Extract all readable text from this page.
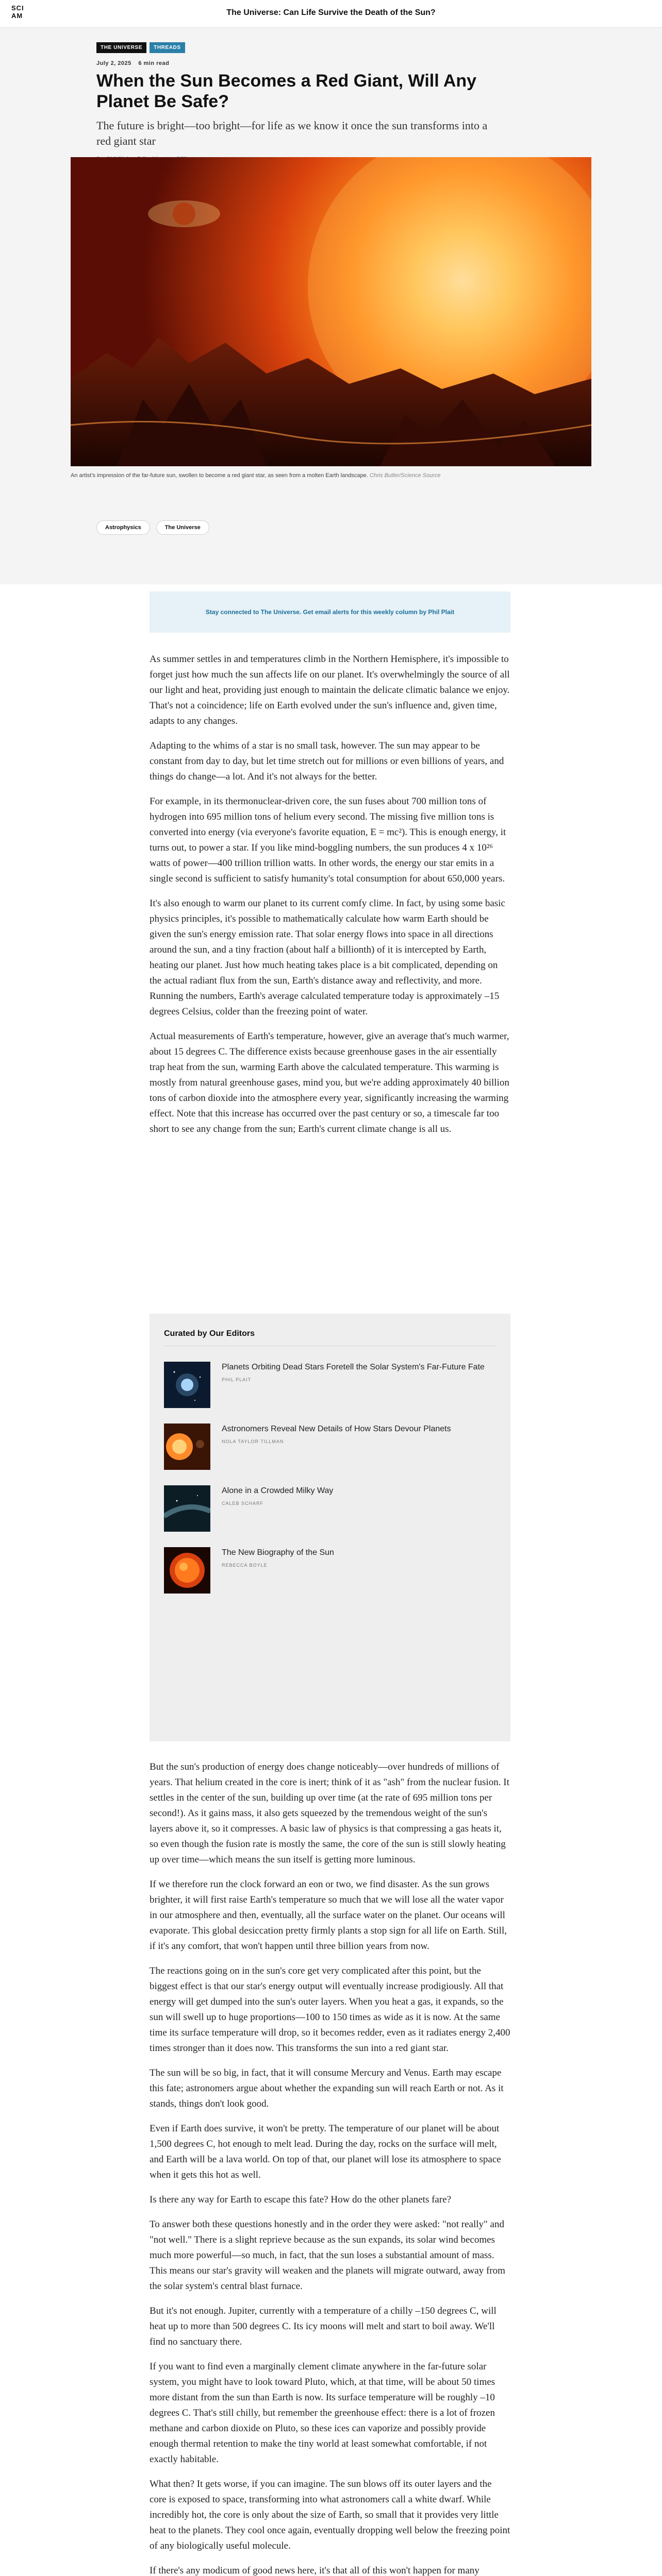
SCI
AM	The Universe: Can Life Survive the Death of the Sun?
THE UNIVERSE	THREADS
July 2, 2025 6 min read
When the Sun Becomes a Red Giant, Will Any Planet Be Safe?

The future is bright—too bright—for life as we know it once the sun transforms into a red giant star

An artist's impression of the far-future sun, swollen to become a red giant star, as seen from a molten Earth landscape. Chris Butler/Science Source
Astrophysics	The Universe

Stay connected to The Universe. Get email alerts for this weekly column by Phil Plait

As summer settles in and temperatures climb in the Northern Hemisphere, it's impossible to forget just how much the sun affects life on our planet. It's overwhelmingly the source of all our light and heat, providing just enough to maintain the delicate climatic balance we enjoy. That's not a coincidence; life on Earth evolved under the sun's influence and, given time, adapts to any changes.

Adapting to the whims of a star is no small task, however. The sun may appear to be constant from day to day, but let time stretch out for millions or even billions of years, and things do change—a lot. And it's not always for the better.

For example, in its thermonuclear-driven core, the sun fuses about 700 million tons of hydrogen into 695 million tons of helium every second. The missing five million tons is converted into energy (via everyone's favorite equation, E = mc²). This is enough energy, it turns out, to power a star. If you like mind-boggling numbers, the sun produces 4 x 10²⁶ watts of power—400 trillion trillion watts. In other words, the energy our star emits in a single second is sufficient to satisfy humanity's total consumption for about 650,000 years.

It's also enough to warm our planet to its current comfy clime. In fact, by using some basic physics principles, it's possible to mathematically calculate how warm Earth should be given the sun's energy emission rate. That solar energy flows into space in all directions around the sun, and a tiny fraction (about half a billionth) of it is intercepted by Earth, heating our planet. Just how much heating takes place is a bit complicated, depending on the actual radiant flux from the sun, Earth's distance away and reflectivity, and more. Running the numbers, Earth's average calculated temperature today is approximately –15 degrees Celsius, colder than the freezing point of water.

Actual measurements of Earth's temperature, however, give an average that's much warmer, about 15 degrees C. The difference exists because greenhouse gases in the air essentially trap heat from the sun, warming Earth above the calculated temperature. This warming is mostly from natural greenhouse gases, mind you, but we're adding approximately 40 billion tons of carbon dioxide into the atmosphere every year, significantly increasing the warming effect. Note that this increase has occurred over the past century or so, a timescale far too short to see any change from the sun; Earth's current climate change is all us.

Curated by Our Editors
Planets Orbiting Dead Stars Foretell the Solar System's Far-Future Fate
PHIL PLAIT
Astronomers Reveal New Details of How Stars Devour Planets
NOLA TAYLOR TILLMAN
Alone in a Crowded Milky Way
CALEB SCHARF
The New Biography of the Sun
REBECCA BOYLE

But the sun's production of energy does change noticeably—over hundreds of millions of years. That helium created in the core is inert; think of it as "ash" from the nuclear fusion. It settles in the center of the sun, building up over time (at the rate of 695 million tons per second!). As it gains mass, it also gets squeezed by the tremendous weight of the sun's layers above it, so it compresses. A basic law of physics is that compressing a gas heats it, so even though the fusion rate is mostly the same, the core of the sun is still slowly heating up over time—which means the sun itself is getting more luminous.

If we therefore run the clock forward an eon or two, we find disaster. As the sun grows brighter, it will first raise Earth's temperature so much that we will lose all the water vapor in our atmosphere and then, eventually, all the surface water on the planet. Our oceans will evaporate. This global desiccation pretty firmly plants a stop sign for all life on Earth. Still, if it's any comfort, that won't happen until three billion years from now.

The reactions going on in the sun's core get very complicated after this point, but the biggest effect is that our star's energy output will eventually increase prodigiously. All that energy will get dumped into the sun's outer layers. When you heat a gas, it expands, so the sun will swell up to huge proportions—100 to 150 times as wide as it is now. At the same time its surface temperature will drop, so it becomes redder, even as it radiates energy 2,400 times stronger than it does now. This transforms the sun into a red giant star.

The sun will be so big, in fact, that it will consume Mercury and Venus. Earth may escape this fate; astronomers argue about whether the expanding sun will reach Earth or not. As it stands, things don't look good.

Even if Earth does survive, it won't be pretty. The temperature of our planet will be about 1,500 degrees C, hot enough to melt lead. During the day, rocks on the surface will melt, and Earth will be a lava world. On top of that, our planet will lose its atmosphere to space when it gets this hot as well.

Is there any way for Earth to escape this fate? How do the other planets fare?

To answer both these questions honestly and in the order they were asked: "not really" and "not well." There is a slight reprieve because as the sun expands, its solar wind becomes much more powerful—so much, in fact, that the sun loses a substantial amount of mass. This means our star's gravity will weaken and the planets will migrate outward, away from the solar system's central blast furnace.

But it's not enough. Jupiter, currently with a temperature of a chilly –150 degrees C, will heat up to more than 500 degrees C. Its icy moons will melt and start to boil away. We'll find no sanctuary there.

If you want to find even a marginally clement climate anywhere in the far-future solar system, you might have to look toward Pluto, which, at that time, will be about 50 times more distant from the sun than Earth is now. Its surface temperature will be roughly –10 degrees C. That's still chilly, but remember the greenhouse effect: there is a lot of frozen methane and carbon dioxide on Pluto, so these ices can vaporize and possibly provide enough thermal retention to make the tiny world at least somewhat comfortable, if not exactly habitable.

What then? It gets worse, if you can imagine. The sun blows off its outer layers and the core is exposed to space, transforming into what astronomers call a white dwarf. While incredibly hot, the core is only about the size of Earth, so small that it provides very little heat to the planets. They cool once again, eventually dropping well below the freezing point of any biologically useful molecule.

If there's any modicum of good news here, it's that all of this won't happen for many
